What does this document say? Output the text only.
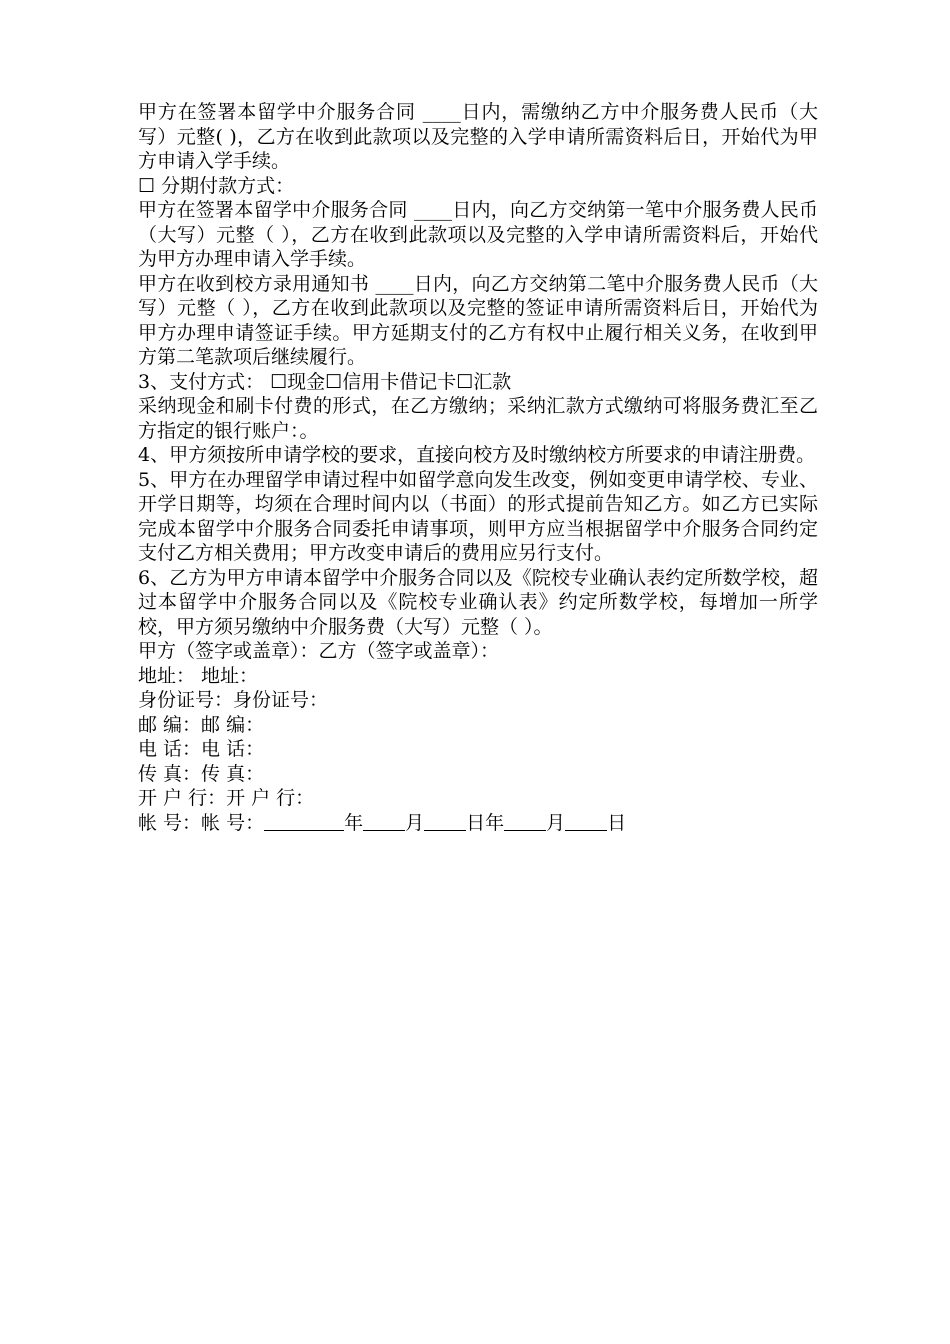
甲方在签署本留学中介服务合同 ____日内，需缴纳乙方中介服务费人民币（大写）元整( )，乙方在收到此款项以及完整的入学申请所需资料后日，开始代为甲方申请入学手续。

☐ 分期付款方式：

甲方在签署本留学中介服务合同 ____日内，向乙方交纳第一笔中介服务费人民币（大写）元整（ ），乙方在收到此款项以及完整的入学申请所需资料后，开始代为甲方办理申请入学手续。

甲方在收到校方录用通知书 ____日内，向乙方交纳第二笔中介服务费人民币（大写）元整（ ），乙方在收到此款项以及完整的签证申请所需资料后日，开始代为甲方办理申请签证手续。甲方延期支付的乙方有权中止履行相关义务，在收到甲方第二笔款项后继续履行。

3、支付方式： ☐现金☐信用卡借记卡☐汇款

采纳现金和刷卡付费的形式，在乙方缴纳；采纳汇款方式缴纳可将服务费汇至乙方指定的银行账户：。

4、甲方须按所申请学校的要求，直接向校方及时缴纳校方所要求的申请注册费。

5、甲方在办理留学申请过程中如留学意向发生改变，例如变更申请学校、专业、开学日期等，均须在合理时间内以（书面）的形式提前告知乙方。如乙方已实际完成本留学中介服务合同委托申请事项，则甲方应当根据留学中介服务合同约定支付乙方相关费用；甲方改变申请后的费用应另行支付。

6、乙方为甲方申请本留学中介服务合同以及《院校专业确认表约定所数学校，超过本留学中介服务合同以及《院校专业确认表》约定所数学校，每增加一所学校，甲方须另缴纳中介服务费（大写）元整（ ）。

甲方（签字或盖章）：乙方（签字或盖章）：

地址： 地址：

身份证号：身份证号：

邮 编：邮 编：

电 话：电 话：

传 真：传 真：

开 户 行：开 户 行：

帐 号：帐 号：	年 月 日年 月 日
